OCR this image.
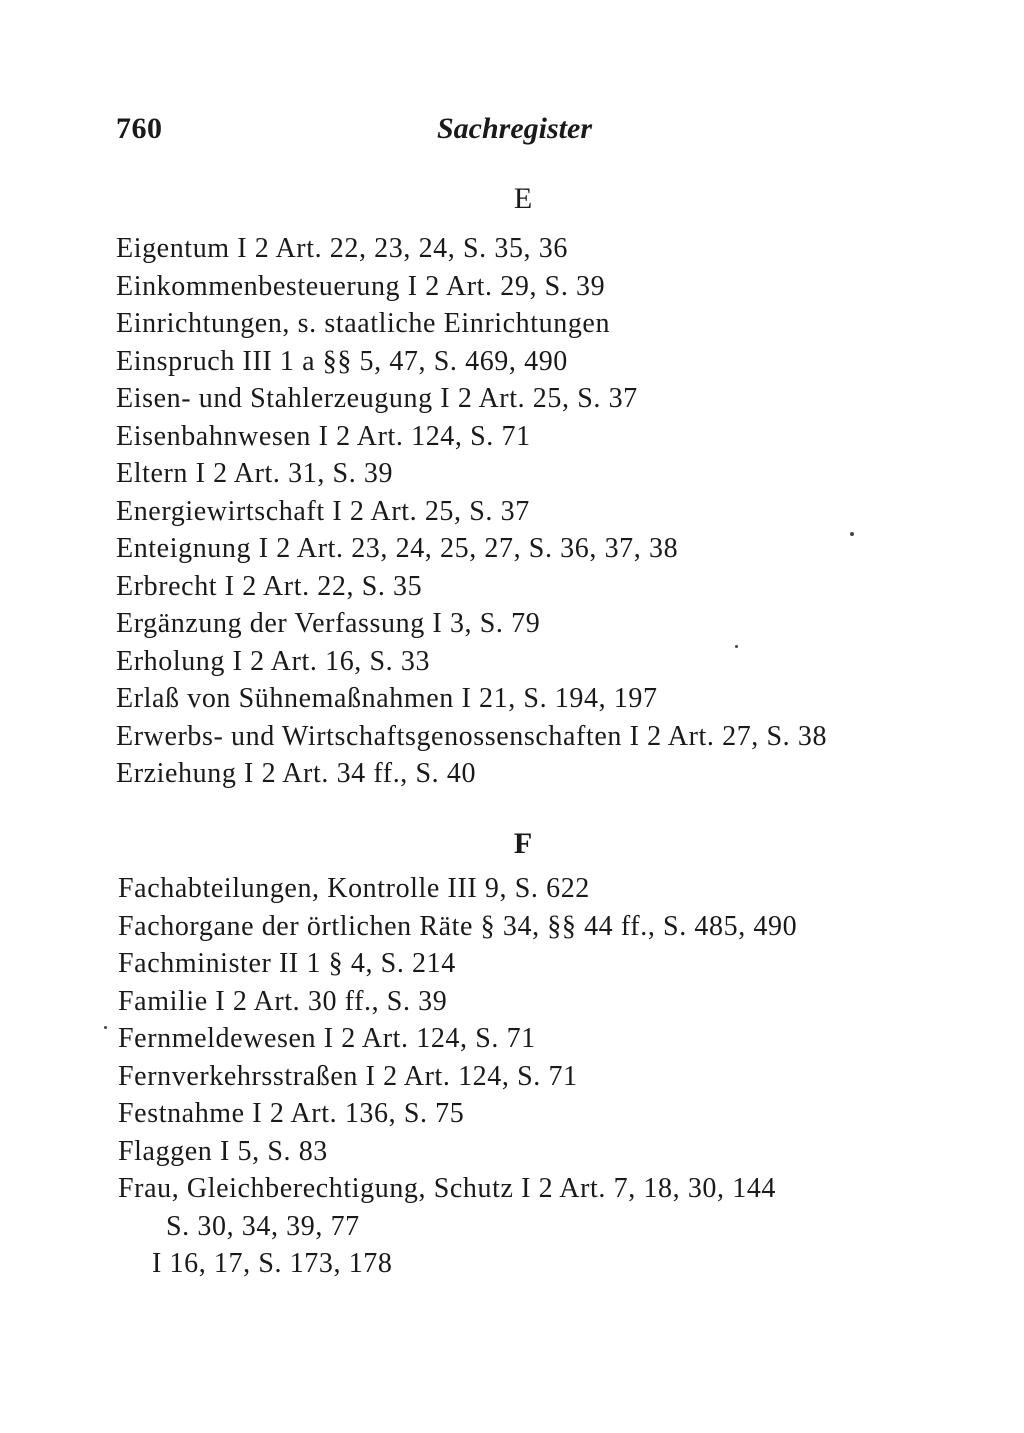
760	Sachregister
E
Eigentum I 2 Art. 22, 23, 24, S. 35, 36
Einkommenbesteuerung I 2 Art. 29, S. 39
Einrichtungen, s. staatliche Einrichtungen
Einspruch III 1 a §§ 5, 47, S. 469, 490
Eisen- und Stahlerzeugung I 2 Art. 25, S. 37
Eisenbahnwesen I 2 Art. 124, S. 71
Eltern I 2 Art. 31, S. 39
Energiewirtschaft I 2 Art. 25, S. 37
Enteignung I 2 Art. 23, 24, 25, 27, S. 36, 37, 38
Erbrecht I 2 Art. 22, S. 35
Ergänzung der Verfassung I 3, S. 79
Erholung I 2 Art. 16, S. 33
Erlaß von Sühnemaßnahmen I 21, S. 194, 197
Erwerbs- und Wirtschaftsgenossenschaften I 2 Art. 27, S. 38
Erziehung I 2 Art. 34 ff., S. 40
F
Fachabteilungen, Kontrolle III 9, S. 622
Fachorgane der örtlichen Räte § 34, §§ 44 ff., S. 485, 490
Fachminister II 1 § 4, S. 214
Familie I 2 Art. 30 ff., S. 39
Fernmeldewesen I 2 Art. 124, S. 71
Fernverkehrsstraßen I 2 Art. 124, S. 71
Festnahme I 2 Art. 136, S. 75
Flaggen I 5, S. 83
Frau, Gleichberechtigung, Schutz I 2 Art. 7, 18, 30, 144
S. 30, 34, 39, 77
I 16, 17, S. 173, 178
